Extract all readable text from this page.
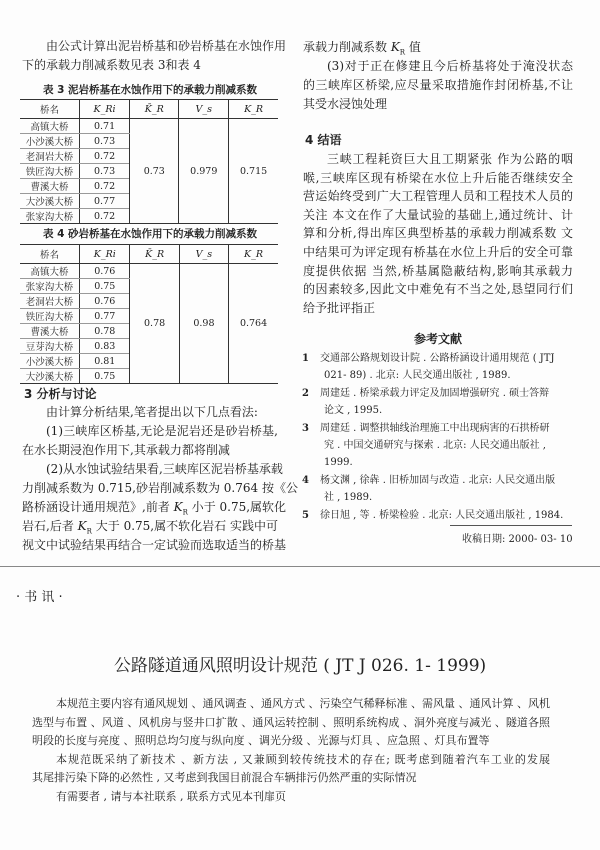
由公式计算出泥岩桥基和砂岩桥基在水蚀作用
下的承载力削减系数见表 3和表 4
表 3 泥岩桥基在水蚀作用下的承载力削减系数
桥名	K_Ri	K̄_R	V_s	K_R
高镇大桥	0.71	0.73	0.979	0.715
小沙溪大桥	0.73			
老洞岩大桥	0.72			
铁匠沟大桥	0.73			
曹溪大桥	0.72			
大沙溪大桥	0.77			
张家沟大桥	0.72			
表 4 砂岩桥基在水蚀作用下的承载力削减系数
桥名	K_Ri	K̄_R	V_s	K_R
高镇大桥	0.76	0.78	0.98	0.764
张家沟大桥	0.75			
老洞岩大桥	0.76			
铁匠沟大桥	0.77			
曹溪大桥	0.78			
豆芽沟大桥	0.83			
小沙溪大桥	0.81			
大沙溪大桥	0.75			
3 分析与讨论
由计算分析结果,笔者提出以下几点看法:
(1)三峡库区桥基,无论是泥岩还是砂岩桥基,
在水长期浸泡作用下,其承载力都将削减
(2)从水蚀试验结果看,三峡库区泥岩桥基承载
力削减系数为 0.715,砂岩削减系数为 0.764 按《公
路桥涵设计通用规范》,前者 $K_R$ 小于 0.75,属软化
岩石,后者 $K_R$ 大于 0.75,属不软化岩石 实践中可
视文中试验结果再结合一定试验而选取适当的桥基
承载力削减系数 $K_R$ 值
(3)对于正在修建且今后桥基将处于淹没状态
的三峡库区桥梁,应尽量采取措施作封闭桥基,不让
其受水浸蚀处理
4 结语
三峡工程耗资巨大且工期紧张 作为公路的咽
喉,三峡库区现有桥梁在水位上升后能否继续安全
营运始终受到广大工程管理人员和工程技术人员的
关注 本文在作了大量试验的基础上,通过统计、计
算和分析,得出库区典型桥基的承载力削减系数 文
中结果可为评定现有桥基在水位上升后的安全可靠
度提供依据 当然,桥基属隐蔽结构,影响其承载力
的因素较多,因此文中难免有不当之处,恳望同行们
给予批评指正
参考文献
1 交通部公路规划设计院 . 公路桥涵设计通用规范 ( JTJ
021- 89) . 北京: 人民交通出版社 , 1989.
2 周建廷 . 桥梁承载力评定及加固增强研究 . 硕士答辩
论文 , 1995.
3 周建廷 . 调整拱轴线治理施工中出现病害的石拱桥研
究 . 中国交通研究与探索 . 北京: 人民交通出版社 ,
1999.
4 杨文渊 , 徐犇 . 旧桥加固与改造 . 北京: 人民交通出版
社 , 1989.
5 徐日旭 , 等 . 桥梁检验 . 北京: 人民交通出版社 , 1984.
收稿日期: 2000- 03- 10
· 书 讯 ·
公路隧道通风照明设计规范 ( JT J 026. 1- 1999)
本规范主要内容有通风规划 、通风调查 、通风方式 、污染空气稀释标准 、需风量 、通风计算 、风机
选型与布置 、风道 、风机房与竖井口扩散 、通风运转控制 、照明系统构成 、洞外亮度与减光 、隧道各照
明段的长度与亮度 、照明总均匀度与纵向度 、调光分级 、光源与灯具 、应急照 、灯具布置等
本规范既采纳了新技术 、新方法 , 又兼顾到较传统技术的存在; 既考虑到随着汽车工业的发展
其尾排污染下降的必然性 , 又考虑到我国目前混合车辆排污仍然严重的实际情况
有需要者 , 请与本社联系 , 联系方式见本刊扉页
